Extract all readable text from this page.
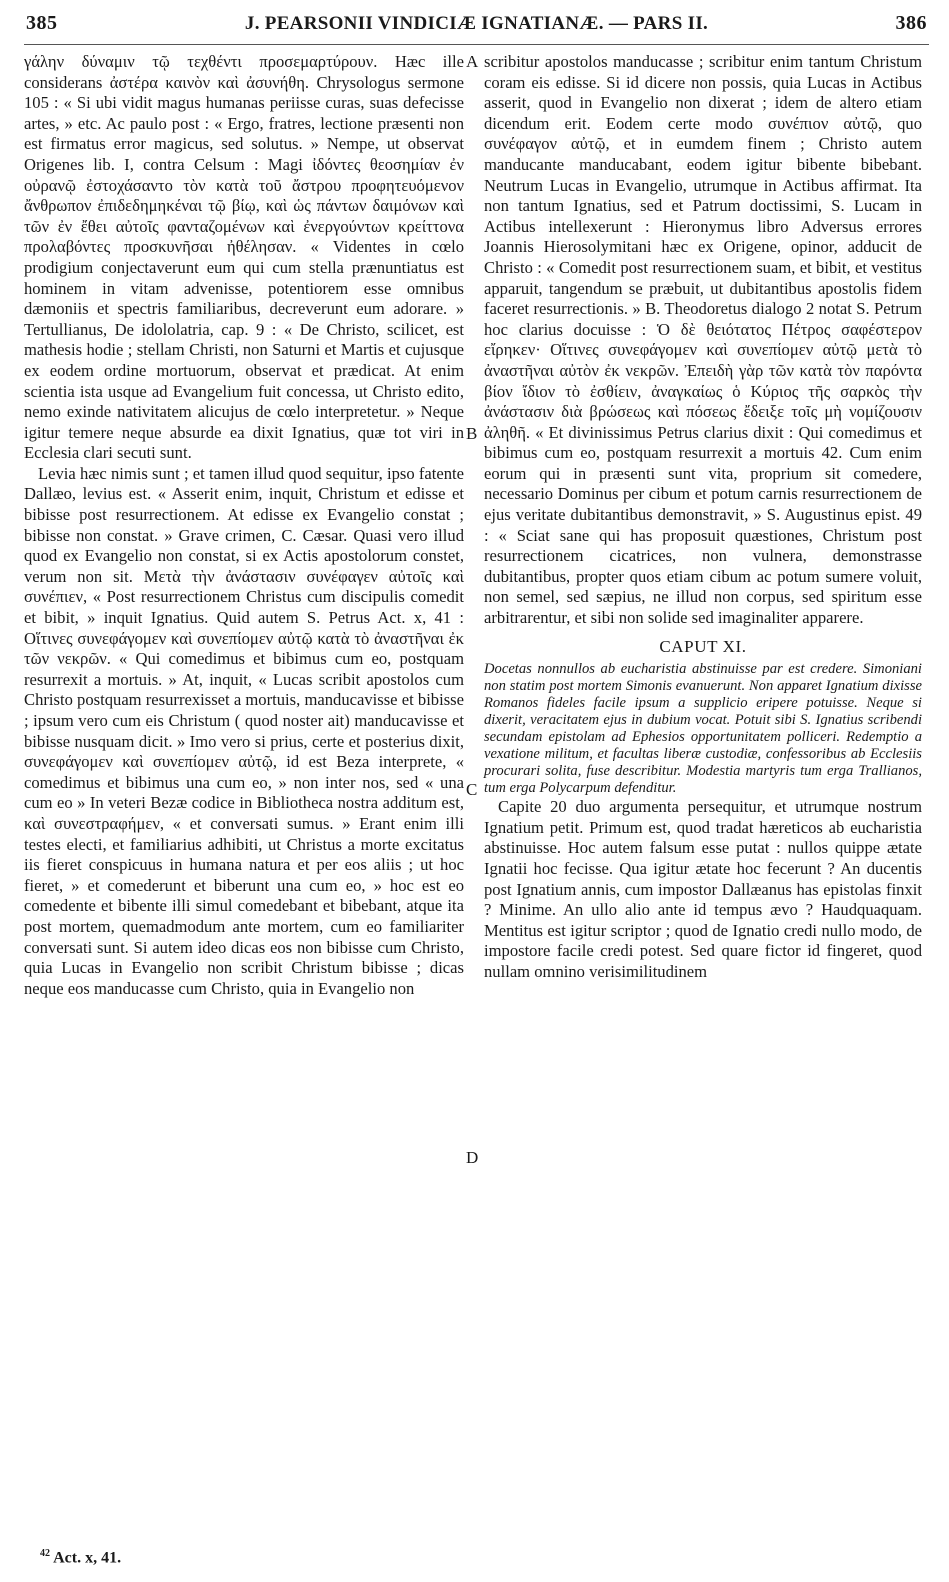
385	J. PEARSONII VINDICIÆ IGNATIANÆ. — PARS II.	386

γάλην δύναμιν τῷ τεχθέντι προσεμαρτύρουν. Hæc ille considerans ἀστέρα καινὸν καὶ ἀσυνήθη. Chrysologus sermone 105 : « Si ubi vidit magus humanas periisse curas, suas defecisse artes, » etc. Ac paulo post : « Ergo, fratres, lectione præsenti non est firmatus error magicus, sed solutus. » Nempe, ut observat Origenes lib. I, contra Celsum : Magi ἰδόντες θεοσημίαν ἐν οὐρανῷ ἐστοχάσαντο τὸν κατὰ τοῦ ἄστρου προφητευόμενον ἄνθρωπον ἐπιδεδημηκέναι τῷ βίῳ, καὶ ὡς πάντων δαιμόνων καὶ τῶν ἐν ἔθει αὐτοῖς φανταζομένων καὶ ἐνεργούντων κρείττονα προλαβόντες προσκυνῆσαι ἠθέλησαν. « Videntes in cœlo prodigium conjectaverunt eum qui cum stella prænuntiatus est hominem in vitam advenisse, potentiorem esse omnibus dæmoniis et spectris familiaribus, decreverunt eum adorare. » Tertullianus, De idololatria, cap. 9 : « De Christo, scilicet, est mathesis hodie ; stellam Christi, non Saturni et Martis et cujusque ex eodem ordine mortuorum, observat et prædicat. At enim scientia ista usque ad Evangelium fuit concessa, ut Christo edito, nemo exinde nativitatem alicujus de cœlo interpretetur. » Neque igitur temere neque absurde ea dixit Ignatius, quæ tot viri in Ecclesia clari secuti sunt.

Levia hæc nimis sunt ; et tamen illud quod sequitur, ipso fatente Dallæo, levius est. « Asserit enim, inquit, Christum et edisse et bibisse post resurrectionem. At edisse ex Evangelio constat ; bibisse non constat. » Grave crimen, C. Cæsar. Quasi vero illud quod ex Evangelio non constat, si ex Actis apostolorum constet, verum non sit. Μετὰ τὴν ἀνάστασιν συνέφαγεν αὐτοῖς καὶ συνέπιεν, « Post resurrectionem Christus cum discipulis comedit et bibit, » inquit Ignatius. Quid autem S. Petrus Act. x, 41 : Οἵτινες συνεφάγομεν καὶ συνεπίομεν αὐτῷ κατὰ τὸ ἀναστῆναι ἐκ τῶν νεκρῶν. « Qui comedimus et bibimus cum eo, postquam resurrexit a mortuis. » At, inquit, « Lucas scribit apostolos cum Christo postquam resurrexisset a mortuis, manducavisse et bibisse ; ipsum vero cum eis Christum ( quod noster ait) manducavisse et bibisse nusquam dicit. » Imo vero si prius, certe et posterius dixit, συνεφάγομεν καὶ συνεπίομεν αὐτῷ, id est Beza interprete, « comedimus et bibimus una cum eo, » non inter nos, sed « una cum eo » In veteri Bezæ codice in Bibliotheca nostra additum est, καὶ συνεστραφήμεν, « et conversati sumus. » Erant enim illi testes electi, et familiarius adhibiti, ut Christus a morte excitatus iis fieret conspicuus in humana natura et per eos aliis ; ut hoc fieret, » et comederunt et biberunt una cum eo, » hoc est eo comedente et bibente illi simul comedebant et bibebant, atque ita post mortem, quemadmodum ante mortem, cum eo familiariter conversati sunt. Si autem ideo dicas eos non bibisse cum Christo, quia Lucas in Evangelio non scribit Christum bibisse ; dicas neque eos manducasse cum Christo, quia in Evangelio non

A
B
C
D

scribitur apostolos manducasse ; scribitur enim tantum Christum coram eis edisse. Si id dicere non possis, quia Lucas in Actibus asserit, quod in Evangelio non dixerat ; idem de altero etiam dicendum erit. Eodem certe modo συνέπιον αὐτῷ, quo συνέφαγον αὐτῷ, et in eumdem finem ; Christo autem manducante manducabant, eodem igitur bibente bibebant. Neutrum Lucas in Evangelio, utrumque in Actibus affirmat. Ita non tantum Ignatius, sed et Patrum doctissimi, S. Lucam in Actibus intellexerunt : Hieronymus libro Adversus errores Joannis Hierosolymitani hæc ex Origene, opinor, adducit de Christo : « Comedit post resurrectionem suam, et bibit, et vestitus apparuit, tangendum se præbuit, ut dubitantibus apostolis fidem faceret resurrectionis. » B. Theodoretus dialogo 2 notat S. Petrum hoc clarius docuisse : Ὁ δὲ θειότατος Πέτρος σαφέστερον εἴρηκεν· Οἵτινες συνεφάγομεν καὶ συνεπίομεν αὐτῷ μετὰ τὸ ἀναστῆναι αὐτὸν ἐκ νεκρῶν. Ἐπειδὴ γὰρ τῶν κατὰ τὸν παρόντα βίον ἴδιον τὸ ἐσθίειν, ἀναγκαίως ὁ Κύριος τῆς σαρκὸς τὴν ἀνάστασιν διὰ βρώσεως καὶ πόσεως ἔδειξε τοῖς μὴ νομίζουσιν ἀληθῆ. « Et divinissimus Petrus clarius dixit : Qui comedimus et bibimus cum eo, postquam resurrexit a mortuis 42. Cum enim eorum qui in præsenti sunt vita, proprium sit comedere, necessario Dominus per cibum et potum carnis resurrectionem de ejus veritate dubitantibus demonstravit, » S. Augustinus epist. 49 : « Sciat sane qui has proposuit quæstiones, Christum post resurrectionem cicatrices, non vulnera, demonstrasse dubitantibus, propter quos etiam cibum ac potum sumere voluit, non semel, sed sæpius, ne illud non corpus, sed spiritum esse arbitrarentur, et sibi non solide sed imaginaliter apparere.

CAPUT XI.

Docetas nonnullos ab eucharistia abstinuisse par est credere. Simoniani non statim post mortem Simonis evanuerunt. Non apparet Ignatium dixisse Romanos fideles facile ipsum a supplicio eripere potuisse. Neque si dixerit, veracitatem ejus in dubium vocat. Potuit sibi S. Ignatius scribendi secundam epistolam ad Ephesios opportunitatem polliceri. Redemptio a vexatione militum, et facultas liberæ custodiæ, confessoribus ab Ecclesiis procurari solita, fuse describitur. Modestia martyris tum erga Trallianos, tum erga Polycarpum defenditur.

Capite 20 duo argumenta persequitur, et utrumque nostrum Ignatium petit. Primum est, quod tradat hæreticos ab eucharistia abstinuisse. Hoc autem falsum esse putat : nullos quippe ætate Ignatii hoc fecisse. Qua igitur ætate hoc fecerunt ? An ducentis post Ignatium annis, cum impostor Dallæanus has epistolas finxit ? Minime. An ullo alio ante id tempus ævo ? Haudquaquam. Mentitus est igitur scriptor ; quod de Ignatio credi nullo modo, de impostore facile credi potest. Sed quare fictor id fingeret, quod nullam omnino verisimilitudinem

$^{42}$ Act. x, 41.
